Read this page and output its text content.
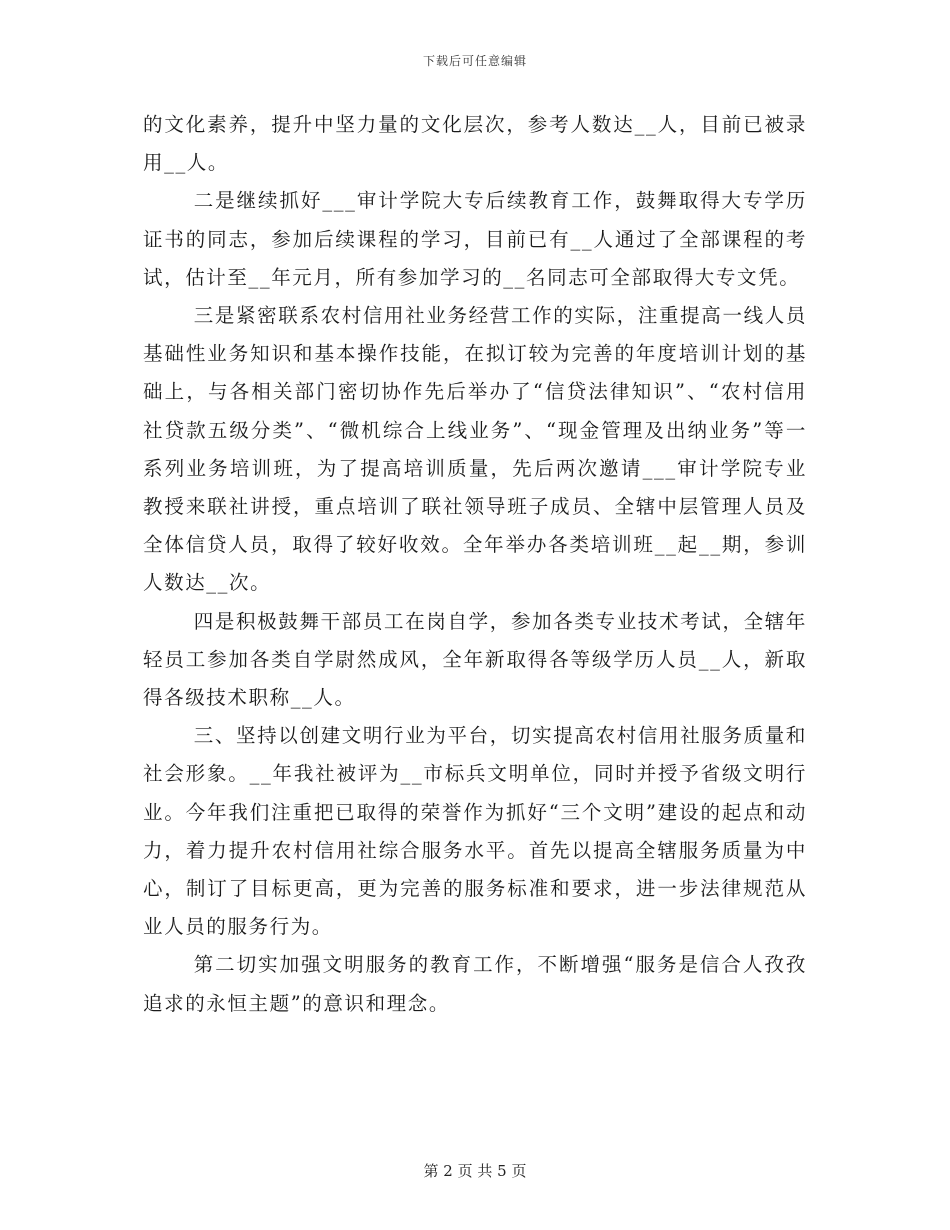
下载后可任意编辑

的文化素养，提升中坚力量的文化层次，参考人数达__人，目前已被录用__人。

二是继续抓好___审计学院大专后续教育工作，鼓舞取得大专学历证书的同志，参加后续课程的学习，目前已有__人通过了全部课程的考试，估计至__年元月，所有参加学习的__名同志可全部取得大专文凭。

三是紧密联系农村信用社业务经营工作的实际，注重提高一线人员基础性业务知识和基本操作技能，在拟订较为完善的年度培训计划的基础上，与各相关部门密切协作先后举办了“信贷法律知识”、“农村信用社贷款五级分类”、“微机综合上线业务”、“现金管理及出纳业务”等一系列业务培训班，为了提高培训质量，先后两次邀请___审计学院专业教授来联社讲授，重点培训了联社领导班子成员、全辖中层管理人员及全体信贷人员，取得了较好收效。全年举办各类培训班__起__期，参训人数达__次。

四是积极鼓舞干部员工在岗自学，参加各类专业技术考试，全辖年轻员工参加各类自学尉然成风，全年新取得各等级学历人员__人，新取得各级技术职称__人。

三、坚持以创建文明行业为平台，切实提高农村信用社服务质量和社会形象。__年我社被评为__市标兵文明单位，同时并授予省级文明行业。今年我们注重把已取得的荣誉作为抓好“三个文明”建设的起点和动力，着力提升农村信用社综合服务水平。首先以提高全辖服务质量为中心，制订了目标更高，更为完善的服务标准和要求，进一步法律规范从业人员的服务行为。

第二切实加强文明服务的教育工作，不断增强“服务是信合人孜孜追求的永恒主题”的意识和理念。

第 2 页 共 5 页
